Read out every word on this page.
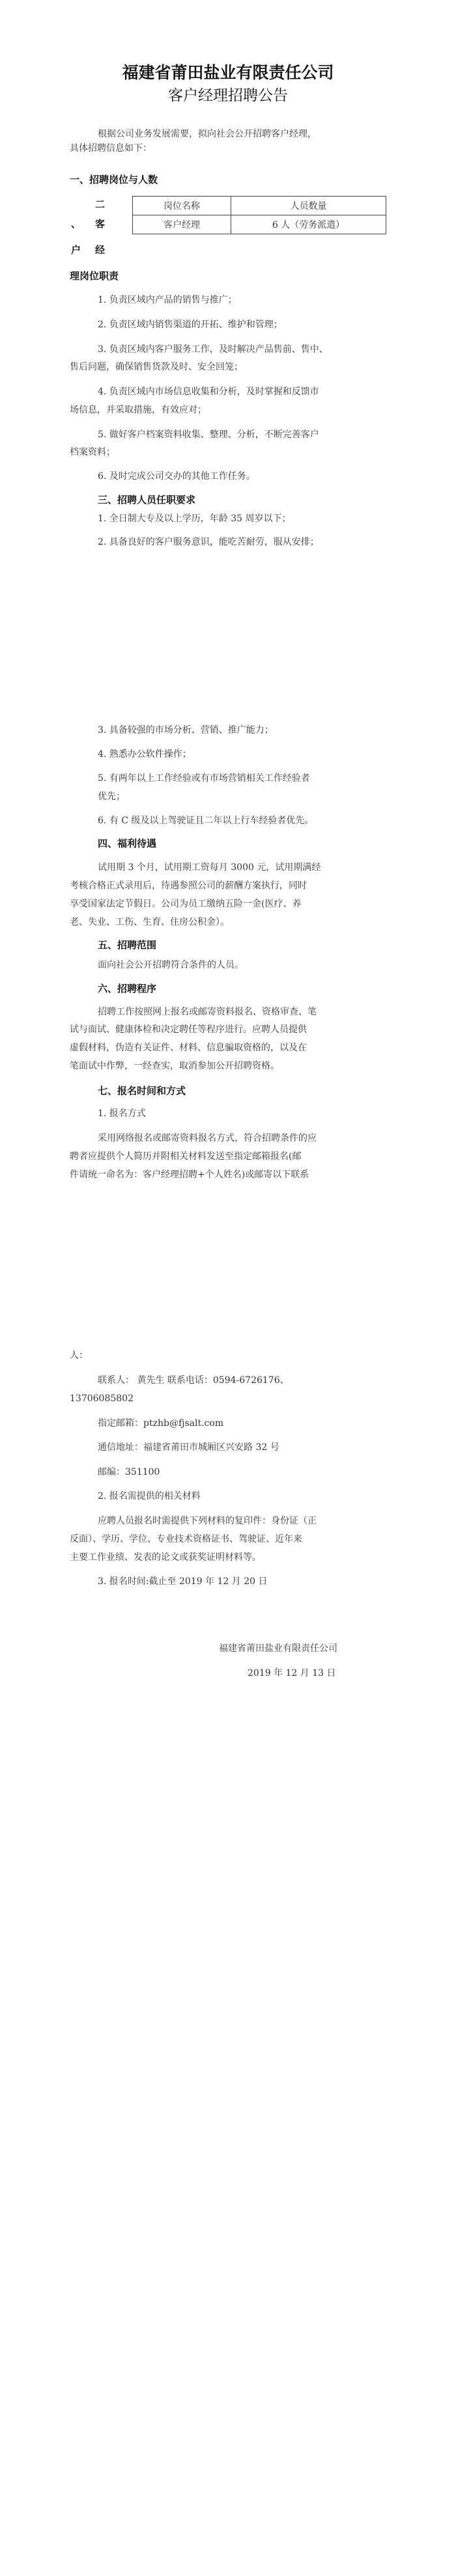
福建省莆田盐业有限责任公司
客户经理招聘公告
根据公司业务发展需要，拟向社会公开招聘客户经理，
具体招聘信息如下：
一、招聘岗位与人数
岗位名称	人员数量
客户经理	6 人（劳务派遣）
二
、 客
户 经
理岗位职责
1. 负责区域内产品的销售与推广；
2. 负责区域内销售渠道的开拓、维护和管理；
3. 负责区域内客户服务工作，及时解决产品售前、售中、
售后问题，确保销售货款及时、安全回笼；
4. 负责区域内市场信息收集和分析，及时掌握和反馈市
场信息，并采取措施，有效应对；
5. 做好客户档案资料收集、整理、分析，不断完善客户
档案资料；
6. 及时完成公司交办的其他工作任务。
三、招聘人员任职要求
1. 全日制大专及以上学历，年龄 35 周岁以下；
2. 具备良好的客户服务意识，能吃苦耐劳，服从安排；
3. 具备较强的市场分析、营销、推广能力；
4. 熟悉办公软件操作；
5. 有两年以上工作经验或有市场营销相关工作经验者
优先；
6. 有 C 级及以上驾驶证且二年以上行车经验者优先。
四、福利待遇
试用期 3 个月，试用期工资每月 3000 元，试用期满经
考核合格正式录用后，待遇参照公司的薪酬方案执行，同时
享受国家法定节假日。公司为员工缴纳五险一金(医疗、养
老、失业、工伤、生育、住房公积金）。
五、招聘范围
面向社会公开招聘符合条件的人员。
六、招聘程序
招聘工作按照网上报名或邮寄资料报名、资格审查、笔
试与面试、健康体检和决定聘任等程序进行。应聘人员提供
虚假材料，伪造有关证件、材料、信息骗取资格的，以及在
笔面试中作弊，一经查实，取消参加公开招聘资格。
七、报名时间和方式
1. 报名方式
采用网络报名或邮寄资料报名方式，符合招聘条件的应
聘者应提供个人简历并附相关材料发送至指定邮箱报名(邮
件请统一命名为：客户经理招聘+个人姓名)或邮寄以下联系
人：
联系人： 黄先生 联系电话：0594-6726176、
13706085802
指定邮箱：ptzhb@fjsalt.com
通信地址：福建省莆田市城厢区兴安路 32 号
邮编：351100
2. 报名需提供的相关材料
应聘人员报名时需提供下列材料的复印件：身份证（正
反面）、学历、学位、专业技术资格证书、驾驶证、近年来
主要工作业绩、发表的论文或获奖证明材料等。
3. 报名时间:截止至 2019 年 12 月 20 日
福建省莆田盐业有限责任公司
2019 年 12 月 13 日
